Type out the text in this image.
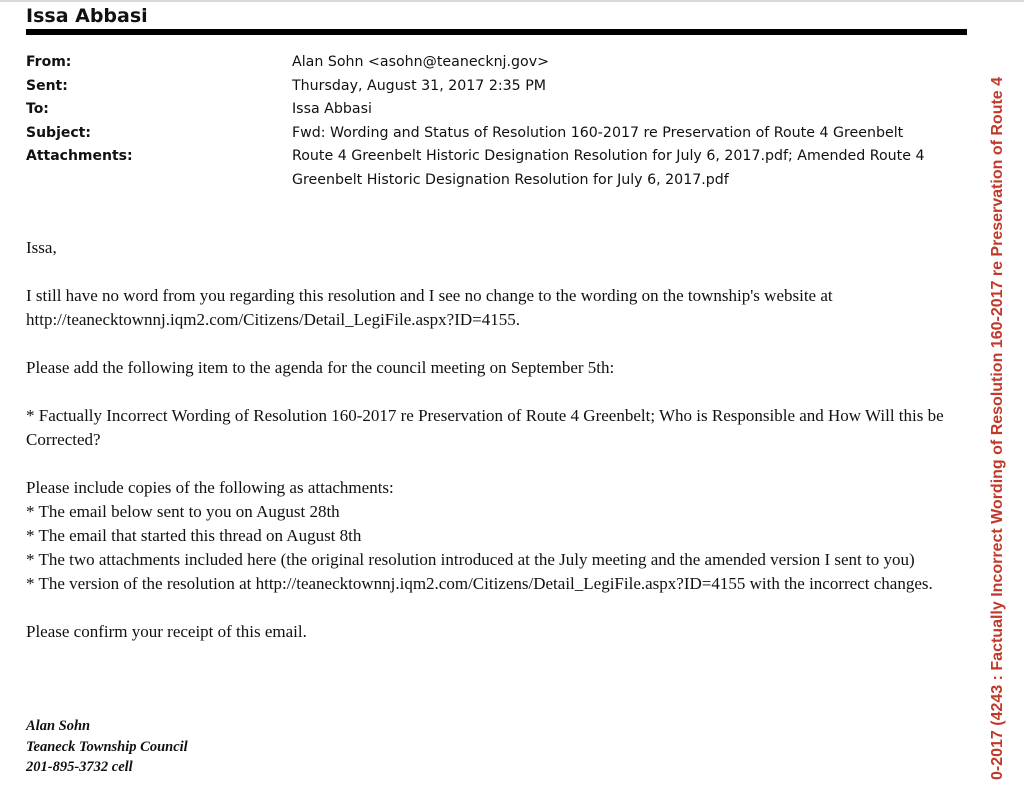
Issa Abbasi
From:	Alan Sohn <asohn@teanecknj.gov>
Sent:	Thursday, August 31, 2017 2:35 PM
To:	Issa Abbasi
Subject:	Fwd: Wording and Status of Resolution 160-2017 re Preservation of Route 4 Greenbelt
Attachments:	Route 4 Greenbelt Historic Designation Resolution for July 6, 2017.pdf; Amended Route 4 Greenbelt Historic Designation Resolution for July 6, 2017.pdf

Issa,

I still have no word from you regarding this resolution and I see no change to the wording on the township's website at http://teanecktownnj.iqm2.com/Citizens/Detail_LegiFile.aspx?ID=4155.

Please add the following item to the agenda for the council meeting on September 5th:

* Factually Incorrect Wording of Resolution 160-2017 re Preservation of Route 4 Greenbelt; Who is Responsible and How Will this be Corrected?

Please include copies of the following as attachments:

* The email below sent to you on August 28th

* The email that started this thread on August 8th

* The two attachments included here (the original resolution introduced at the July meeting and the amended version I sent to you)

* The version of the resolution at http://teanecktownnj.iqm2.com/Citizens/Detail_LegiFile.aspx?ID=4155 with the incorrect changes.

Please confirm your receipt of this email.

Alan Sohn
Teaneck Township Council
201-895-3732 cell	0-2017 (4243 : Factually Incorrect Wording of Resolution 160-2017 re Preservation of Route 4
